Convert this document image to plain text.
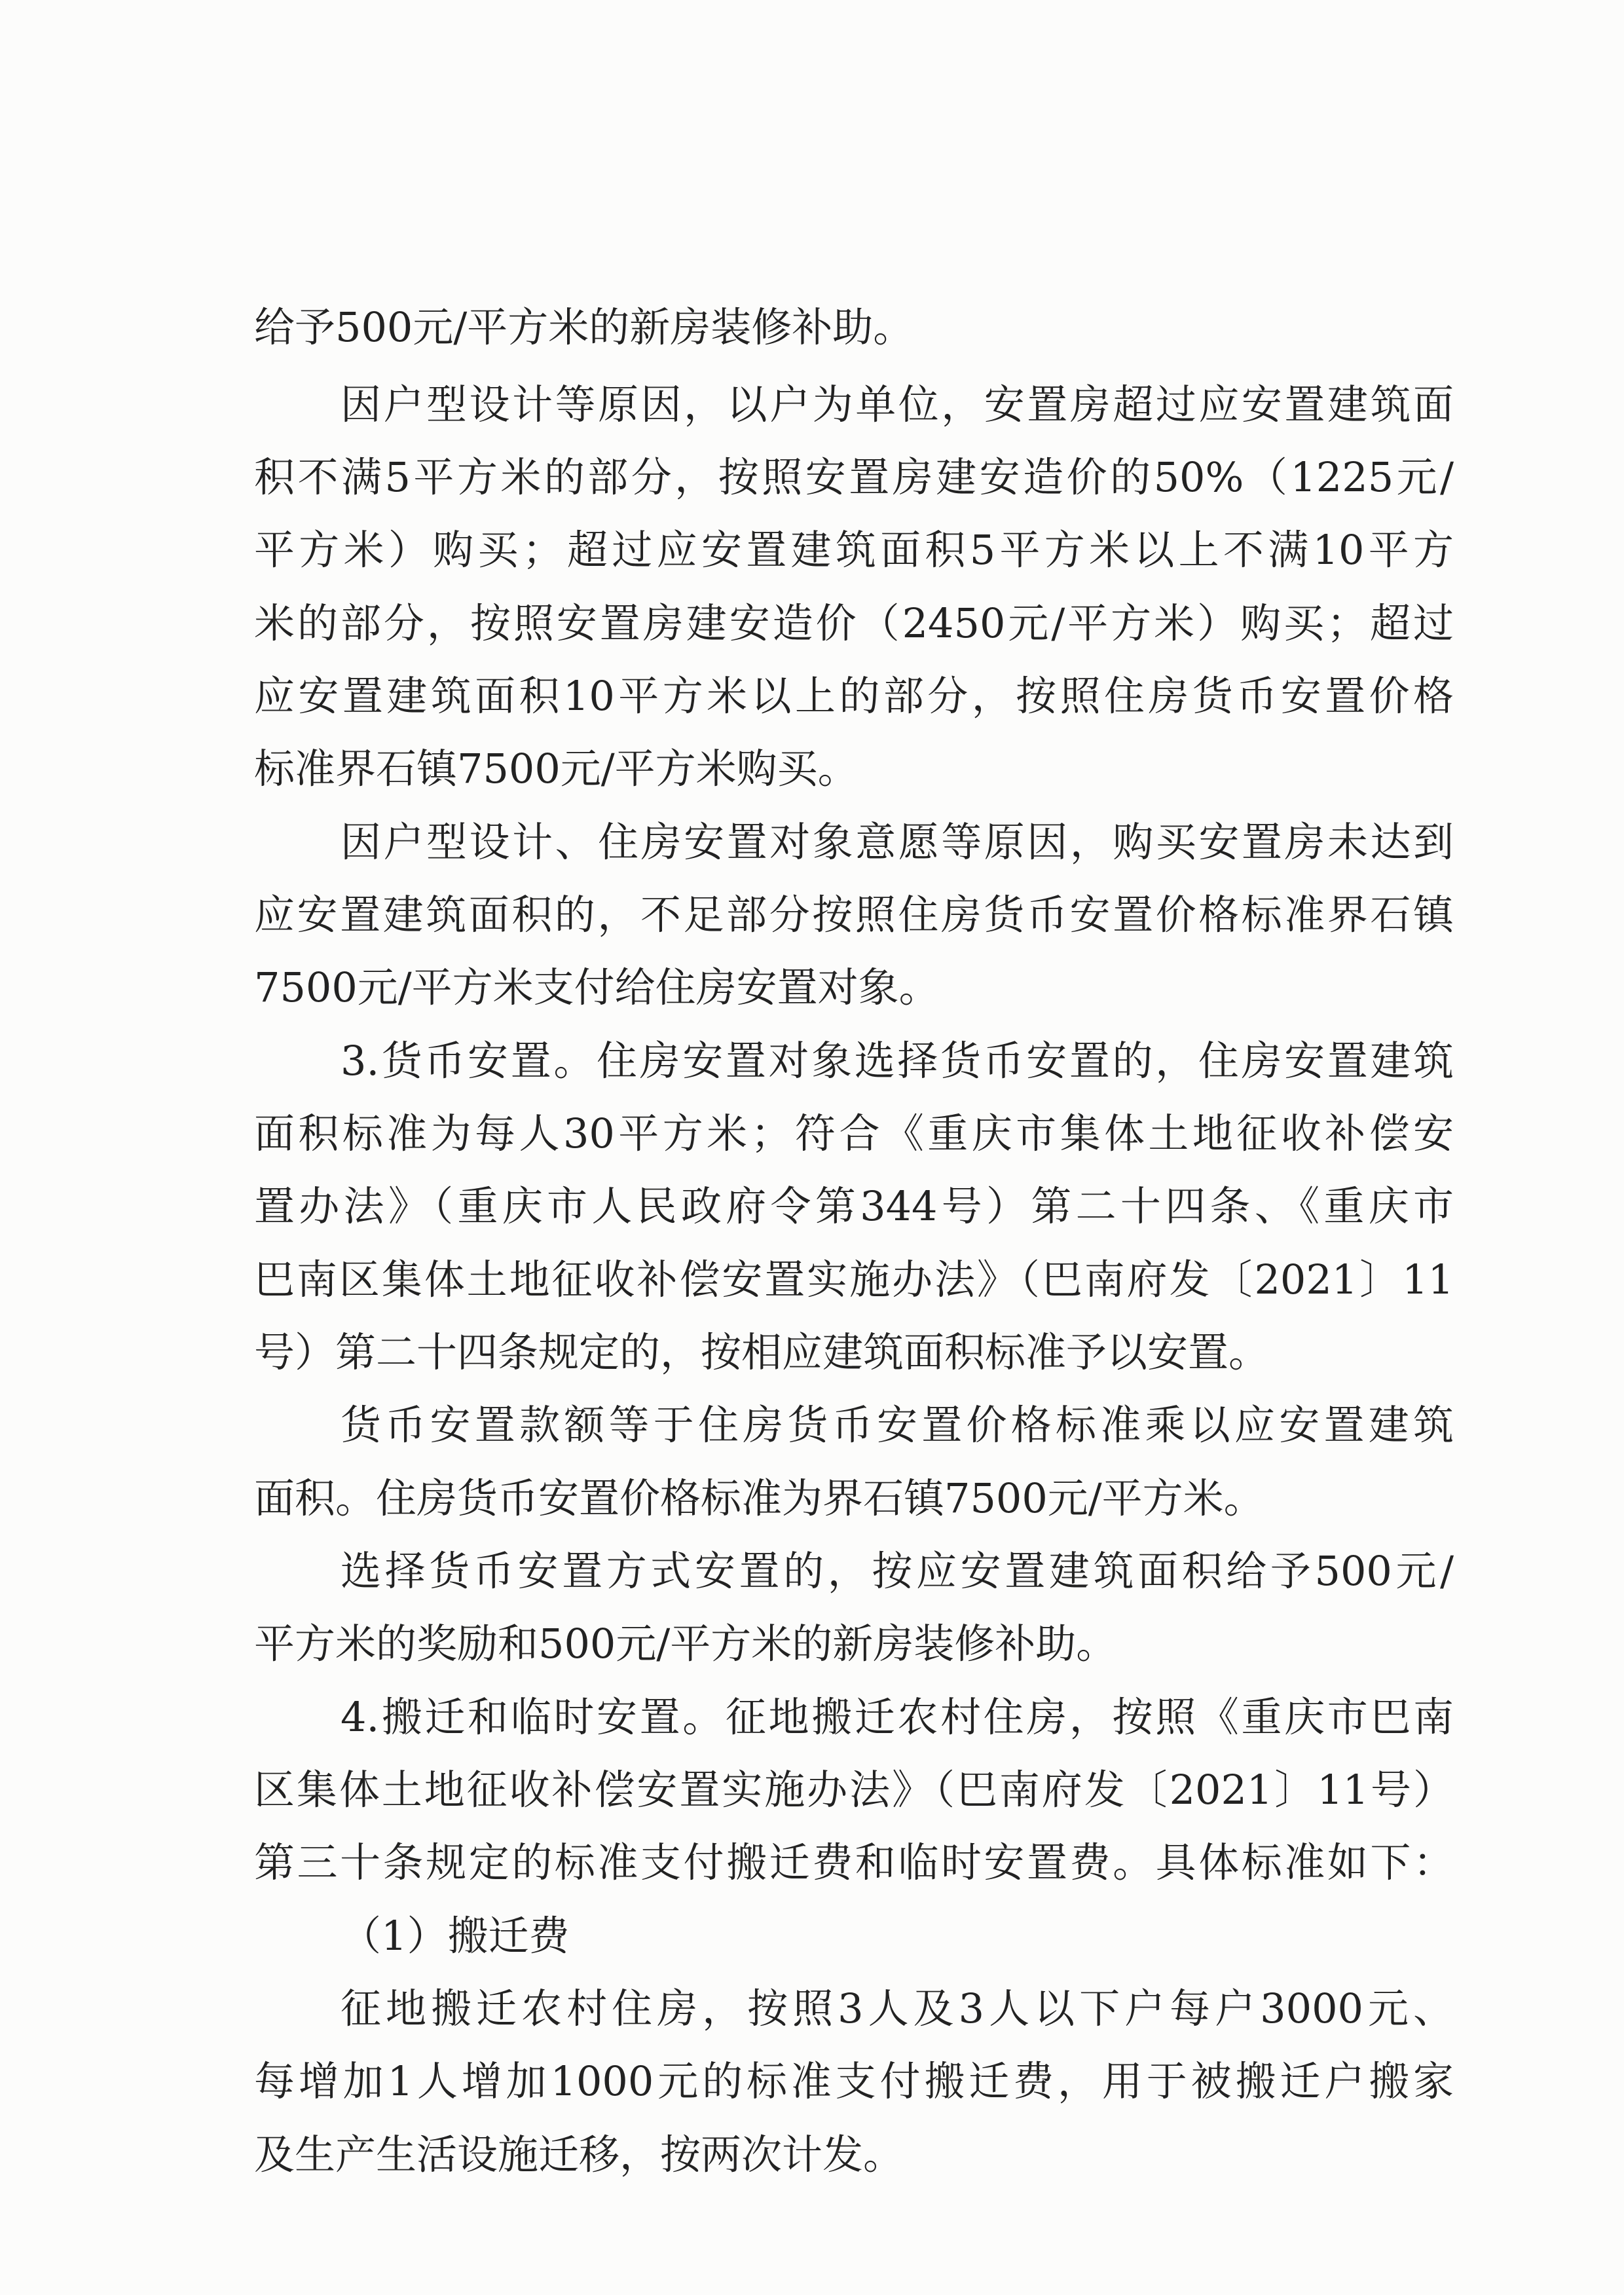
给予500元/平方米的新房装修补助。
因户型设计等原因，以户为单位，安置房超过应安置建筑面
积不满5平方米的部分，按照安置房建安造价的50%（1225元/
平方米）购买；超过应安置建筑面积5平方米以上不满10平方
米的部分，按照安置房建安造价（2450元/平方米）购买；超过
应安置建筑面积10平方米以上的部分，按照住房货币安置价格
标准界石镇7500元/平方米购买。
因户型设计、住房安置对象意愿等原因，购买安置房未达到
应安置建筑面积的，不足部分按照住房货币安置价格标准界石镇
7500元/平方米支付给住房安置对象。
3.货币安置。住房安置对象选择货币安置的，住房安置建筑
面积标准为每人30平方米；符合《重庆市集体土地征收补偿安
置办法》（重庆市人民政府令第344号）第二十四条、《重庆市
巴南区集体土地征收补偿安置实施办法》（巴南府发〔2021〕11
号）第二十四条规定的，按相应建筑面积标准予以安置。
货币安置款额等于住房货币安置价格标准乘以应安置建筑
面积。住房货币安置价格标准为界石镇7500元/平方米。
选择货币安置方式安置的，按应安置建筑面积给予500元/
平方米的奖励和500元/平方米的新房装修补助。
4.搬迁和临时安置。征地搬迁农村住房，按照《重庆市巴南
区集体土地征收补偿安置实施办法》（巴南府发〔2021〕11号）
第三十条规定的标准支付搬迁费和临时安置费。具体标准如下：
（1）搬迁费
征地搬迁农村住房，按照3人及3人以下户每户3000元、
每增加1人增加1000元的标准支付搬迁费，用于被搬迁户搬家
及生产生活设施迁移，按两次计发。
